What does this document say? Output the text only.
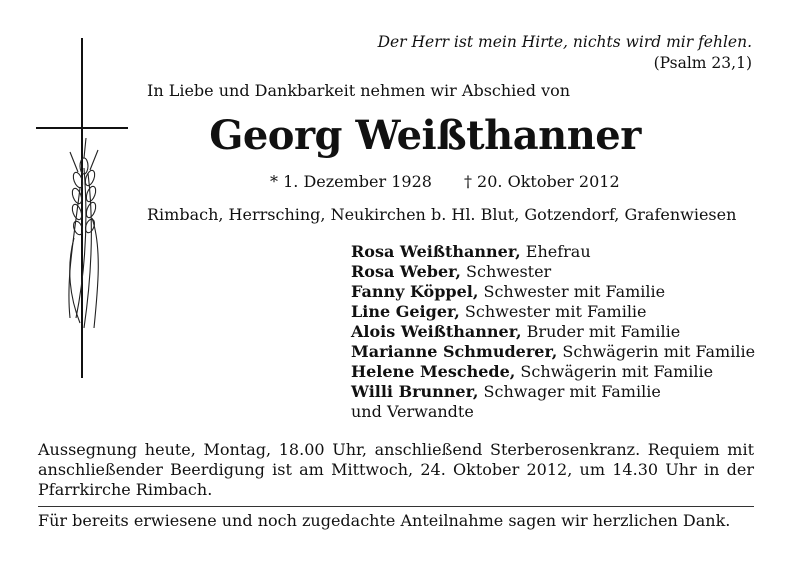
Der Herr ist mein Hirte, nichts wird mir fehlen.
(Psalm 23,1)
In Liebe und Dankbarkeit nehmen wir Abschied von
Georg Weißthanner
* 1. Dezember 1928 † 20. Oktober 2012
Rimbach, Herrsching, Neukirchen b. Hl. Blut, Gotzendorf, Grafenwiesen
Rosa Weißthanner, Ehefrau
Rosa Weber, Schwester
Fanny Köppel, Schwester mit Familie
Line Geiger, Schwester mit Familie
Alois Weißthanner, Bruder mit Familie
Marianne Schmuderer, Schwägerin mit Familie
Helene Meschede, Schwägerin mit Familie
Willi Brunner, Schwager mit Familie
und Verwandte
Aussegnung heute, Montag, 18.00 Uhr, anschließend Sterberosenkranz. Requiem mit anschließender Beerdigung ist am Mittwoch, 24. Oktober 2012, um 14.30 Uhr in der Pfarrkirche Rimbach.
Für bereits erwiesene und noch zugedachte Anteilnahme sagen wir herzlichen Dank.
